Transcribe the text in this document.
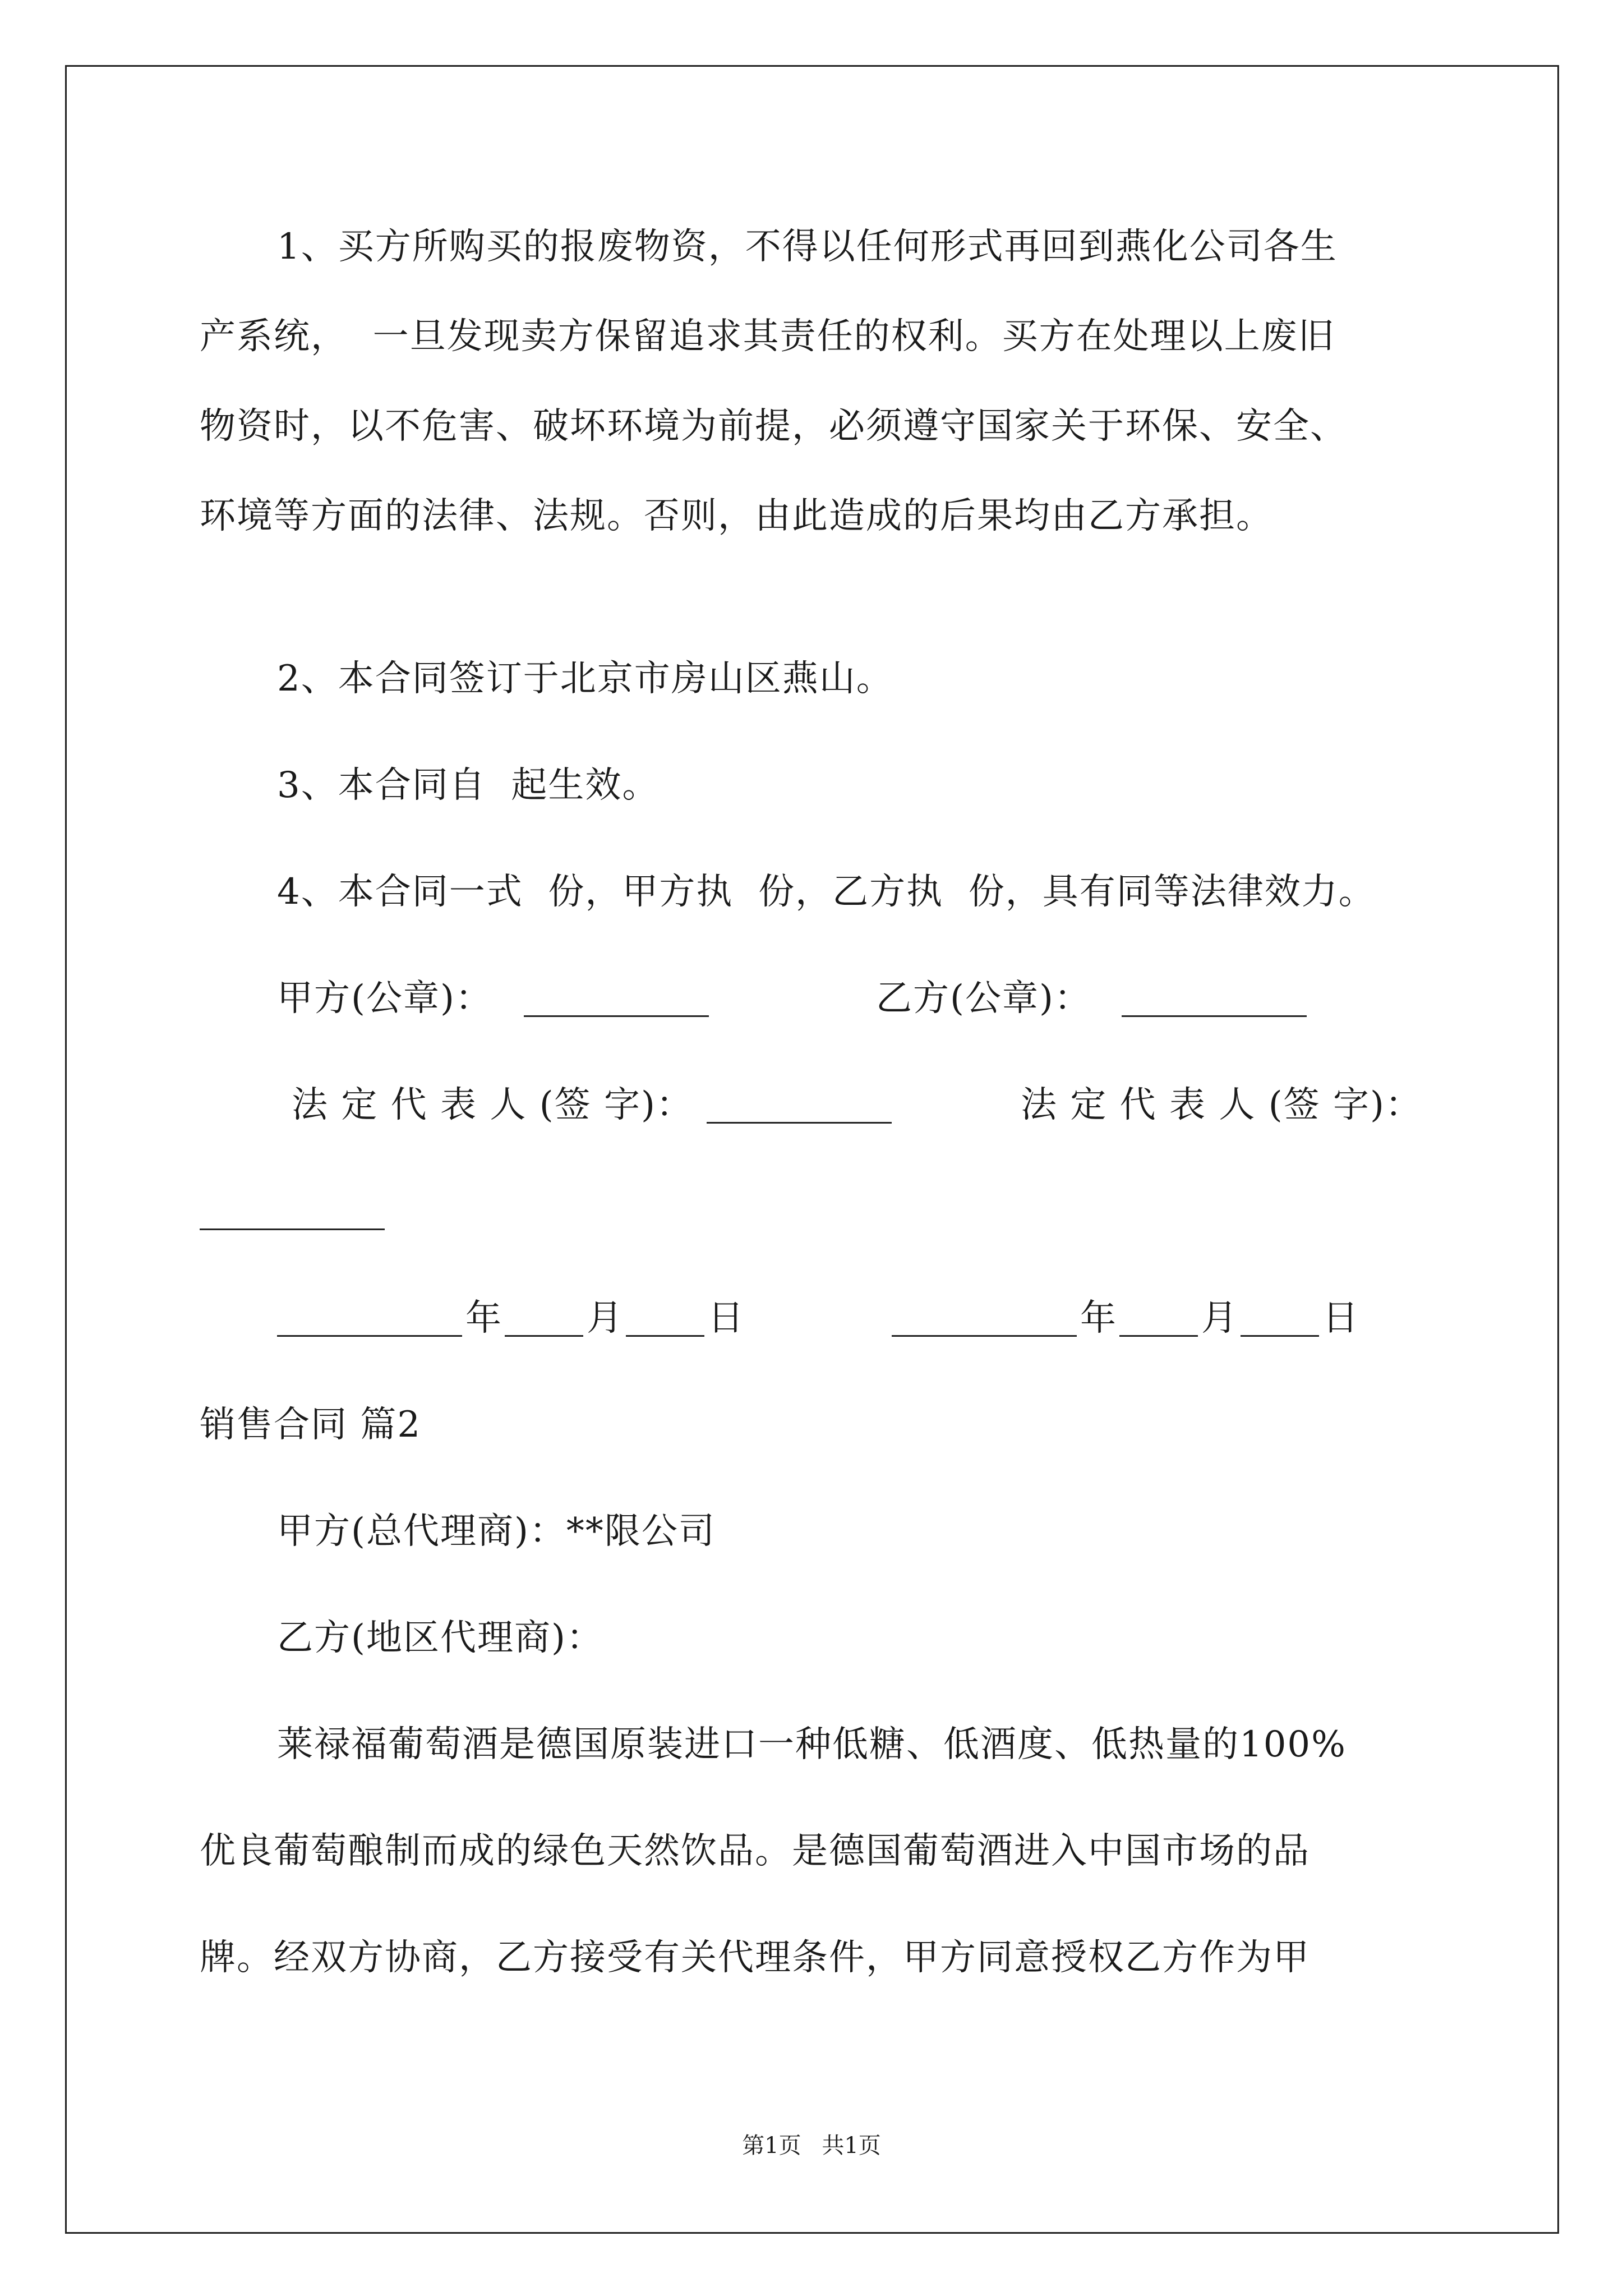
1、买方所购买的报废物资，不得以任何形式再回到燕化公司各生
产系统，  一旦发现卖方保留追求其责任的权利。买方在处理以上废旧
物资时，以不危害、破坏环境为前提，必须遵守国家关于环保、安全、
环境等方面的法律、法规。否则，由此造成的后果均由乙方承担。
2、本合同签订于北京市房山区燕山。
3、本合同自  起生效。
4、本合同一式  份，甲方执  份，乙方执  份，具有同等法律效力。
甲方(公章)：	乙方(公章)：
法 定 代 表 人 (签 字)：	法 定 代 表 人 (签 字)：
年 月 日	年 月 日
销售合同 篇2
甲方(总代理商)：**限公司
乙方(地区代理商)：
莱禄福葡萄酒是德国原装进口一种低糖、低酒度、低热量的100%
优良葡萄酿制而成的绿色天然饮品。是德国葡萄酒进入中国市场的品
牌。经双方协商，乙方接受有关代理条件，甲方同意授权乙方作为甲
第1页 共1页
